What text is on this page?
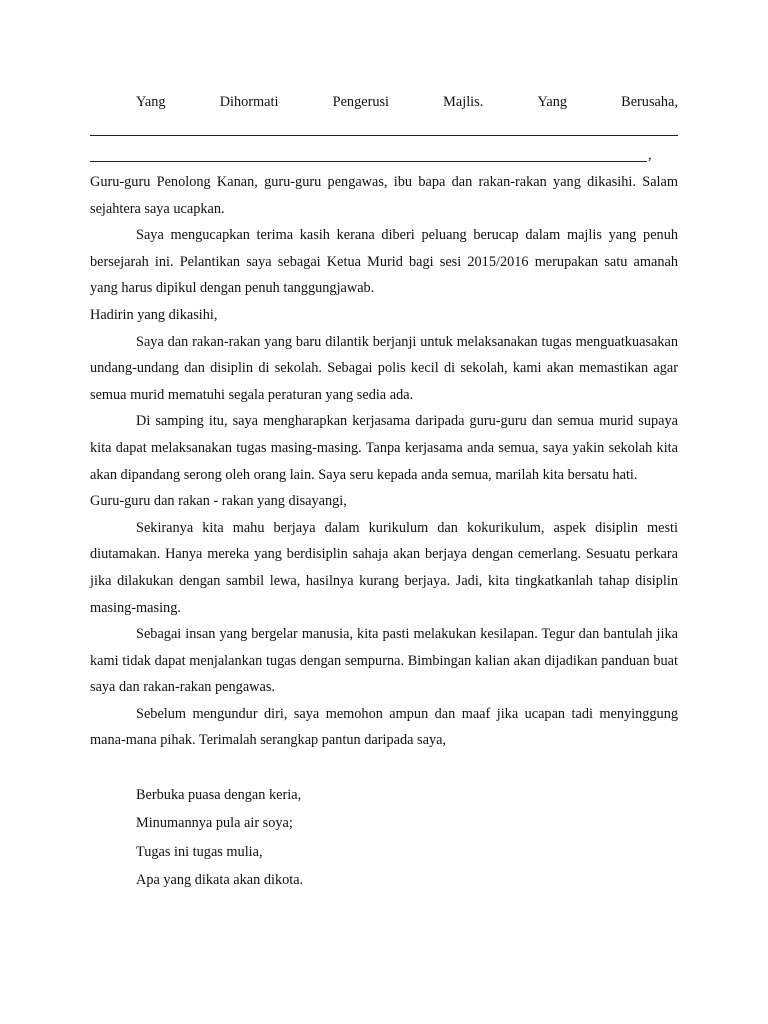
Yang	Dihormati	Pengerusi	Majlis.	Yang	Berusaha,
,

Guru-guru Penolong Kanan, guru-guru pengawas, ibu bapa dan rakan-rakan yang dikasihi. Salam sejahtera saya ucapkan.

Saya mengucapkan terima kasih kerana diberi peluang berucap dalam majlis yang penuh bersejarah ini. Pelantikan saya sebagai Ketua Murid bagi sesi 2015/2016 merupakan satu amanah yang harus dipikul dengan penuh tanggungjawab.

Hadirin yang dikasihi,

Saya dan rakan-rakan yang baru dilantik berjanji untuk melaksanakan tugas menguatkuasakan undang-undang dan disiplin di sekolah. Sebagai polis kecil di sekolah, kami akan memastikan agar semua murid mematuhi segala peraturan yang sedia ada.

Di samping itu, saya mengharapkan kerjasama daripada guru-guru dan semua murid supaya kita dapat melaksanakan tugas masing-masing. Tanpa kerjasama anda semua, saya yakin sekolah kita akan dipandang serong oleh orang lain. Saya seru kepada anda semua, marilah kita bersatu hati.

Guru-guru dan rakan - rakan yang disayangi,

Sekiranya kita mahu berjaya dalam kurikulum dan kokurikulum, aspek disiplin mesti diutamakan. Hanya mereka yang berdisiplin sahaja akan berjaya dengan cemerlang. Sesuatu perkara jika dilakukan dengan sambil lewa, hasilnya kurang berjaya. Jadi, kita tingkatkanlah tahap disiplin masing-masing.

Sebagai insan yang bergelar manusia, kita pasti melakukan kesilapan. Tegur dan bantulah jika kami tidak dapat menjalankan tugas dengan sempurna. Bimbingan kalian akan dijadikan panduan buat saya dan rakan-rakan pengawas.

Sebelum mengundur diri, saya memohon ampun dan maaf jika ucapan tadi menyinggung mana-mana pihak. Terimalah serangkap pantun daripada saya,

Berbuka puasa dengan keria,
Minumannya pula air soya;
Tugas ini tugas mulia,
Apa yang dikata akan dikota.
